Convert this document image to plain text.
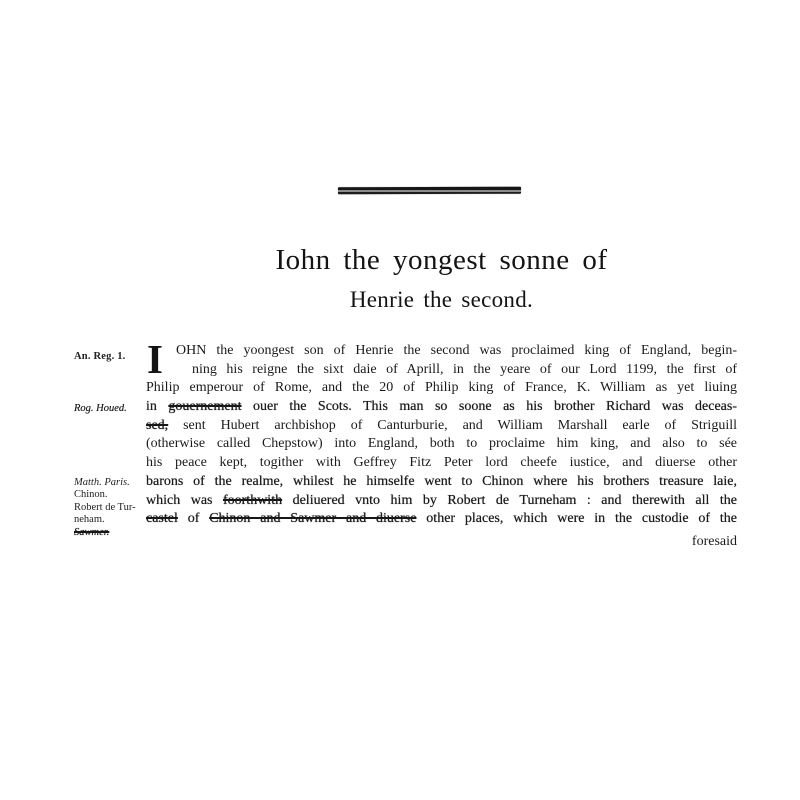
Iohn the yongest sonne of
Henrie the second.
An. Reg. 1.
Rog. Houed.
Matth. Paris.
Chinon.
Robert de Tur-
neham.
Sawmer.
I OHN the yoongest son of Henrie the second was proclaimed king of England, begin-
ning his reigne the sixt daie of Aprill, in the yeare of our Lord 1199, the first of
Philip emperour of Rome, and the 20 of Philip king of France, K. William as yet liuing
in gouernement ouer the Scots. This man so soone as his brother Richard was deceas-
sed, sent Hubert archbishop of Canturburie, and William Marshall earle of Striguill
(otherwise called Chepstow) into England, both to proclaime him king, and also to sée
his peace kept, togither with Geffrey Fitz Peter lord cheefe iustice, and diuerse other
barons of the realme, whilest he himselfe went to Chinon where his brothers treasure laie,
which was foorthwith deliuered vnto him by Robert de Turneham : and therewith all the
castel of Chinon and Sawmer and diuerse other places, which were in the custodie of the
foresaid
